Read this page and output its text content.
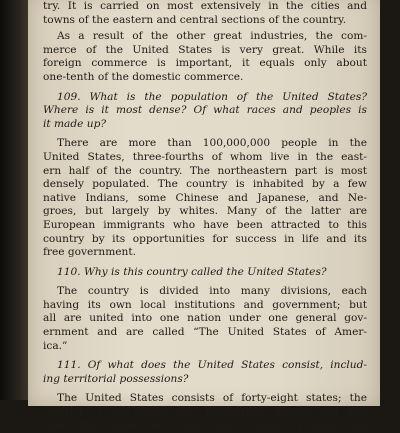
try. It is carried on most extensively in the cities and
towns of the eastern and central sections of the country.
As a result of the other great industries, the com-
merce of the United States is very great. While its
foreign commerce is important, it equals only about
one-tenth of the domestic commerce.
109. What is the population of the United States?
Where is it most dense? Of what races and peoples is
it made up?
There are more than 100,000,000 people in the
United States, three-fourths of whom live in the east-
ern half of the country. The northeastern part is most
densely populated. The country is inhabited by a few
native Indians, some Chinese and Japanese, and Ne-
groes, but largely by whites. Many of the latter are
European immigrants who have been attracted to this
country by its opportunities for success in life and its
free government.
110. Why is this country called the United States?
The country is divided into many divisions, each
having its own local institutions and government; but
all are united into one nation under one general gov-
ernment and are called “The United States of Amer-
ica.”
111. Of what does the United States consist, includ-
ing territorial possessions?
The United States consists of forty-eight states; the
District of Columbia; two territories, Alaska and Ha-
waii; the island of Porto Rico, Guam, Tutuila, the
